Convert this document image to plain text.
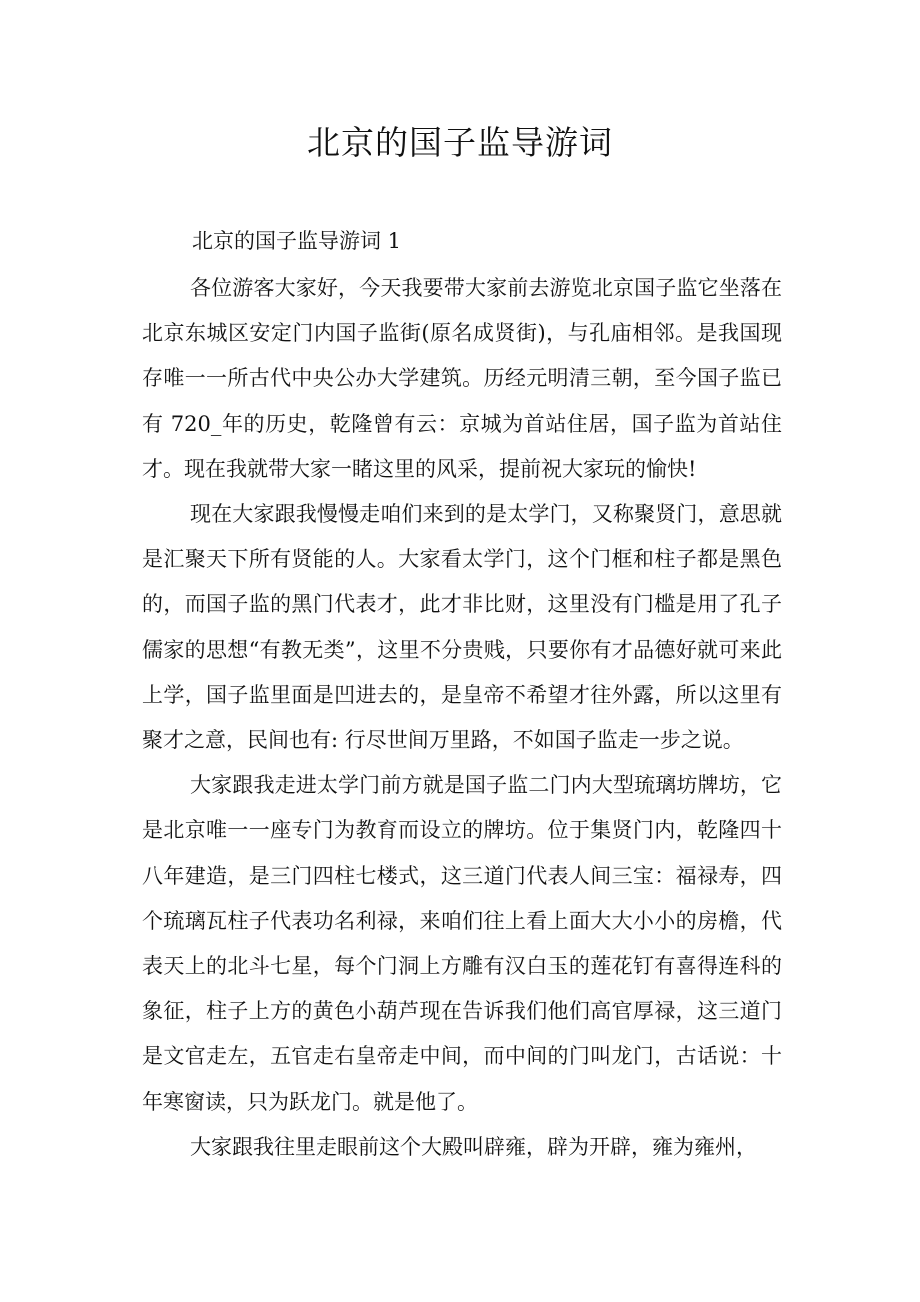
北京的国子监导游词
北京的国子监导游词 1

各位游客大家好，今天我要带大家前去游览北京国子监它坐落在北京东城区安定门内国子监街(原名成贤街)，与孔庙相邻。是我国现存唯一一所古代中央公办大学建筑。历经元明清三朝，至今国子监已有 720_年的历史，乾隆曾有云：京城为首站住居，国子监为首站住才。现在我就带大家一睹这里的风采，提前祝大家玩的愉快!

现在大家跟我慢慢走咱们来到的是太学门，又称聚贤门，意思就是汇聚天下所有贤能的人。大家看太学门，这个门框和柱子都是黑色的，而国子监的黑门代表才，此才非比财，这里没有门槛是用了孔子儒家的思想“有教无类”，这里不分贵贱，只要你有才品德好就可来此上学，国子监里面是凹进去的，是皇帝不希望才往外露，所以这里有聚才之意，民间也有: 行尽世间万里路，不如国子监走一步之说。

大家跟我走进太学门前方就是国子监二门内大型琉璃坊牌坊，它是北京唯一一座专门为教育而设立的牌坊。位于集贤门内，乾隆四十八年建造，是三门四柱七楼式，这三道门代表人间三宝：福禄寿，四个琉璃瓦柱子代表功名利禄，来咱们往上看上面大大小小的房檐，代表天上的北斗七星，每个门洞上方雕有汉白玉的莲花钉有喜得连科的象征，柱子上方的黄色小葫芦现在告诉我们他们高官厚禄，这三道门是文官走左，五官走右皇帝走中间，而中间的门叫龙门，古话说：十年寒窗读，只为跃龙门。就是他了。

大家跟我往里走眼前这个大殿叫辟雍，辟为开辟，雍为雍州，
